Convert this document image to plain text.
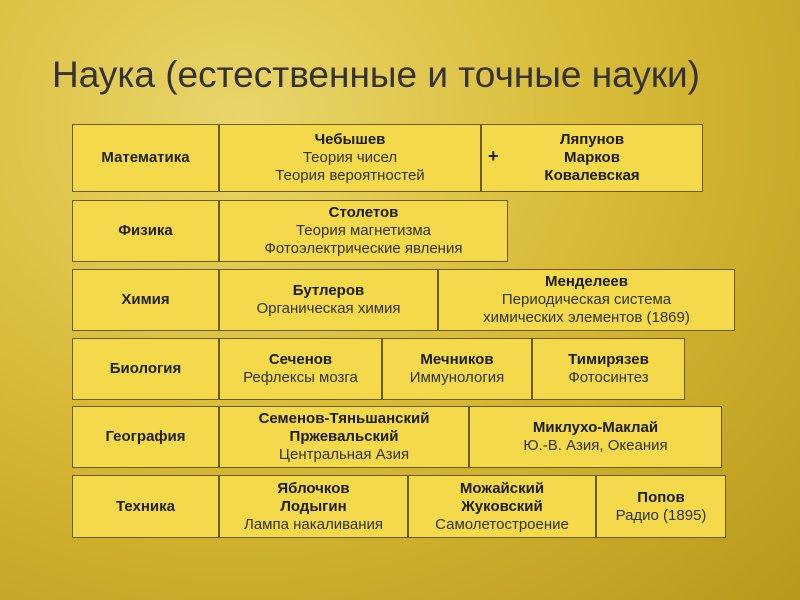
Наука (естественные и точные науки)
Математика
Чебышев
Теория чисел
Теория вероятностей
Ляпунов
Марков
Ковалевская
+
Физика
Столетов
Теория магнетизма
Фотоэлектрические явления
Химия
Бутлеров
Органическая химия
Менделеев
Периодическая система
химических элементов (1869)
Биология
Сеченов
Рефлексы мозга
Мечников
Иммунология
Тимирязев
Фотосинтез
География
Семенов-Тяньшанский
Пржевальский
Центральная Азия
Миклухо-Маклай
Ю.-В. Азия, Океания
Техника
Яблочков
Лодыгин
Лампа накаливания
Можайский
Жуковский
Самолетостроение
Попов
Радио (1895)
